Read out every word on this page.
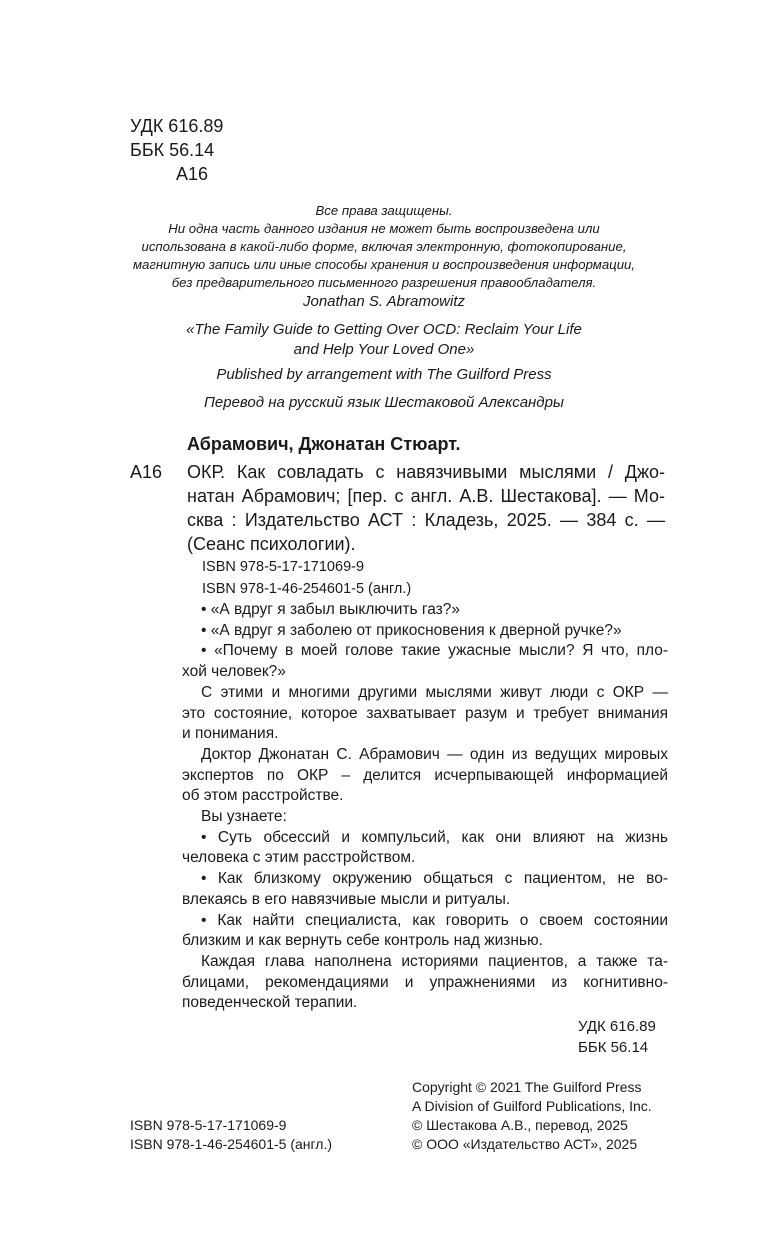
УДК 616.89
ББК 56.14
А16
Все права защищены.
Ни одна часть данного издания не может быть воспроизведена или
использована в какой-либо форме, включая электронную, фотокопирование,
магнитную запись или иные способы хранения и воспроизведения информации,
без предварительного письменного разрешения правообладателя.
Jonathan S. Abramowitz
«The Family Guide to Getting Over OCD: Reclaim Your Life
and Help Your Loved One»
Published by arrangement with The Guilford Press
Перевод на русский язык Шестаковой Александры
Абрамович, Джонатан Стюарт.
А16 ОКР. Как совладать с навязчивыми мыслями / Джо-
натан Абрамович; [пер. с англ. А.В. Шестакова]. — Мо-
сква : Издательство АСТ : Кладезь, 2025. — 384 с. —
(Сеанс психологии).
ISBN 978-5-17-171069-9
ISBN 978-1-46-254601-5 (англ.)
• «А вдруг я забыл выключить газ?»
• «А вдруг я заболею от прикосновения к дверной ручке?»
• «Почему в моей голове такие ужасные мысли? Я что, пло-
хой человек?»
С этими и многими другими мыслями живут люди с ОКР —
это состояние, которое захватывает разум и требует внимания
и понимания.
Доктор Джонатан С. Абрамович — один из ведущих мировых
экспертов по ОКР – делится исчерпывающей информацией
об этом расстройстве.
Вы узнаете:
• Суть обсессий и компульсий, как они влияют на жизнь
человека с этим расстройством.
• Как близкому окружению общаться с пациентом, не во-
влекаясь в его навязчивые мысли и ритуалы.
• Как найти специалиста, как говорить о своем состоянии
близким и как вернуть себе контроль над жизнью.
Каждая глава наполнена историями пациентов, а также та-
блицами, рекомендациями и упражнениями из когнитивно-
поведенческой терапии.
УДК 616.89
ББК 56.14
Copyright © 2021 The Guilford Press
A Division of Guilford Publications, Inc.
© Шестакова А.В., перевод, 2025
© ООО «Издательство АСТ», 2025
ISBN 978-5-17-171069-9
ISBN 978-1-46-254601-5 (англ.)
